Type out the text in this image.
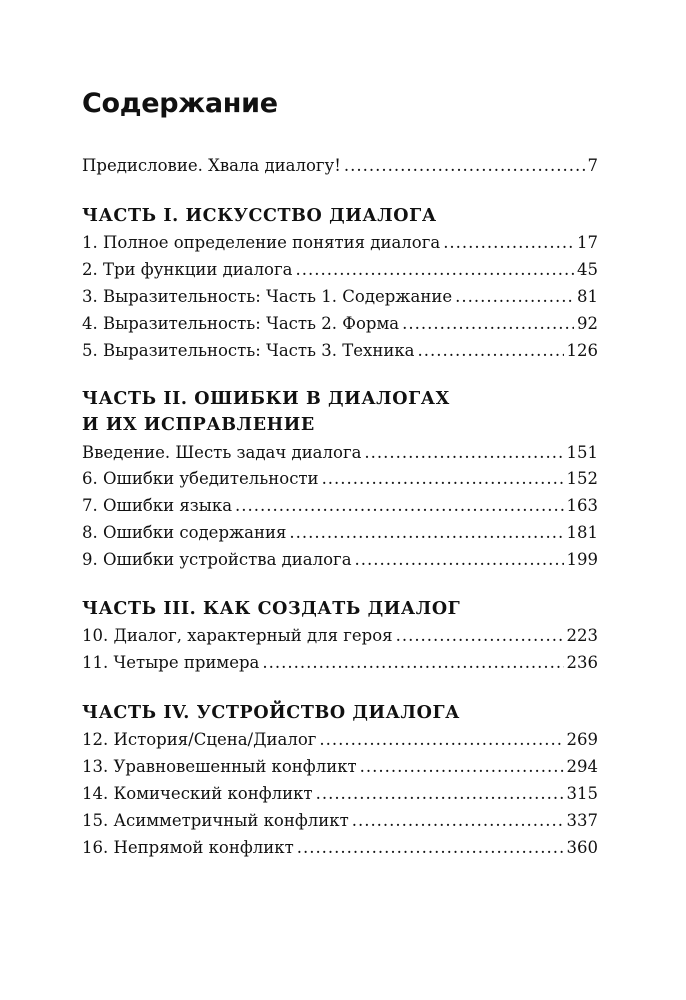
Содержание
Предисловие. Хвала диалогу! .....	7
ЧАСТЬ I. ИСКУССТВО ДИАЛОГА
1. Полное определение понятия диалога .....	17
2. Три функции диалога .....	45
3. Выразительность: Часть 1. Содержание .....	81
4. Выразительность: Часть 2. Форма .....	92
5. Выразительность: Часть 3. Техника .....	126
ЧАСТЬ II. ОШИБКИ В ДИАЛОГАХ
И ИХ ИСПРАВЛЕНИЕ
Введение. Шесть задач диалога .....	151
6. Ошибки убедительности .....	152
7. Ошибки языка .....	163
8. Ошибки содержания .....	181
9. Ошибки устройства диалога .....	199
ЧАСТЬ III. КАК СОЗДАТЬ ДИАЛОГ
10. Диалог, характерный для героя .....	223
11. Четыре примера .....	236
ЧАСТЬ IV. УСТРОЙСТВО ДИАЛОГА
12. История/Сцена/Диалог .....	269
13. Уравновешенный конфликт .....	294
14. Комический конфликт .....	315
15. Асимметричный конфликт .....	337
16. Непрямой конфликт .....	360
